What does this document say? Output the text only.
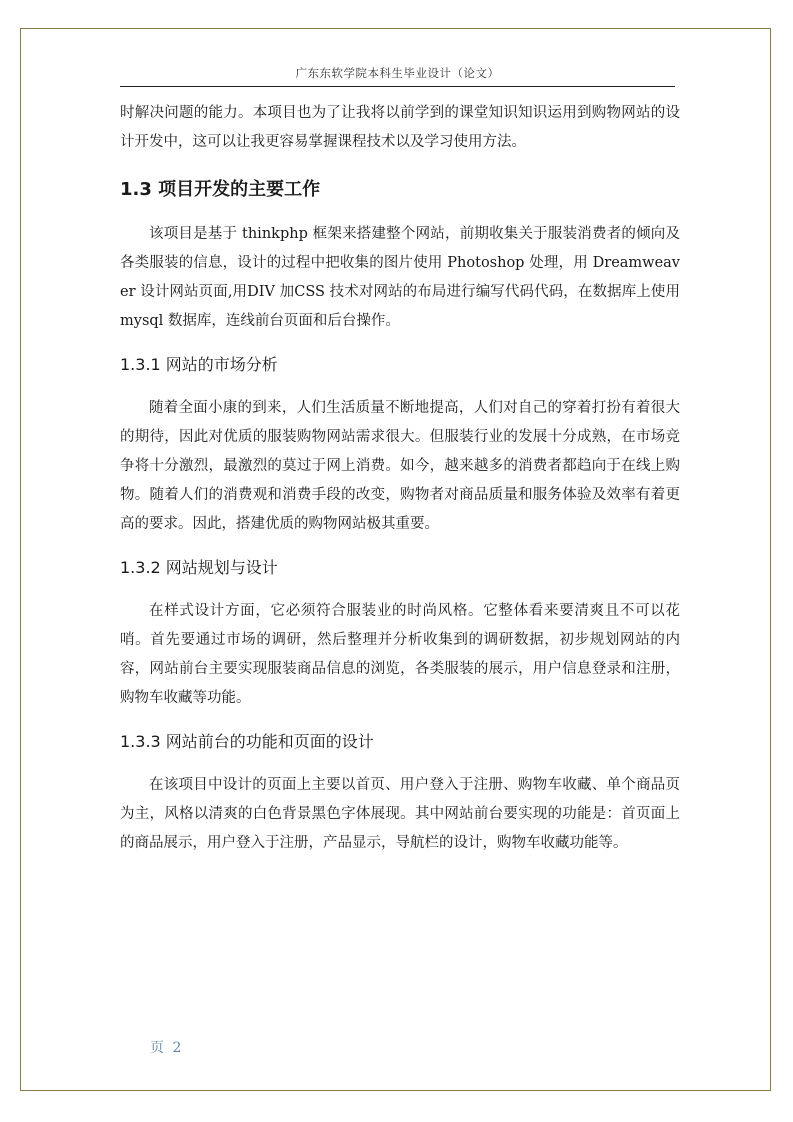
广东东软学院本科生毕业设计（论文）

时解决问题的能力。本项目也为了让我将以前学到的课堂知识知识运用到购物网站的设计开发中，这可以让我更容易掌握课程技术以及学习使用方法。

1.3 项目开发的主要工作

该项目是基于 thinkphp 框架来搭建整个网站，前期收集关于服装消费者的倾向及各类服装的信息，设计的过程中把收集的图片使用 Photoshop 处理，用 Dreamweaver 设计网站页面,用DIV 加CSS 技术对网站的布局进行编写代码代码，在数据库上使用 mysql 数据库，连线前台页面和后台操作。

1.3.1 网站的市场分析

随着全面小康的到来，人们生活质量不断地提高，人们对自己的穿着打扮有着很大的期待，因此对优质的服装购物网站需求很大。但服装行业的发展十分成熟，在市场竞争将十分激烈，最激烈的莫过于网上消费。如今，越来越多的消费者都趋向于在线上购物。随着人们的消费观和消费手段的改变，购物者对商品质量和服务体验及效率有着更高的要求。因此，搭建优质的购物网站极其重要。

1.3.2 网站规划与设计

在样式设计方面，它必须符合服装业的时尚风格。它整体看来要清爽且不可以花哨。首先要通过市场的调研，然后整理并分析收集到的调研数据，初步规划网站的内容，网站前台主要实现服装商品信息的浏览，各类服装的展示，用户信息登录和注册，购物车收藏等功能。

1.3.3 网站前台的功能和页面的设计

在该项目中设计的页面上主要以首页、用户登入于注册、购物车收藏、单个商品页为主，风格以清爽的白色背景黑色字体展现。其中网站前台要实现的功能是：首页面上的商品展示，用户登入于注册，产品显示，导航栏的设计，购物车收藏功能等。

页 2
